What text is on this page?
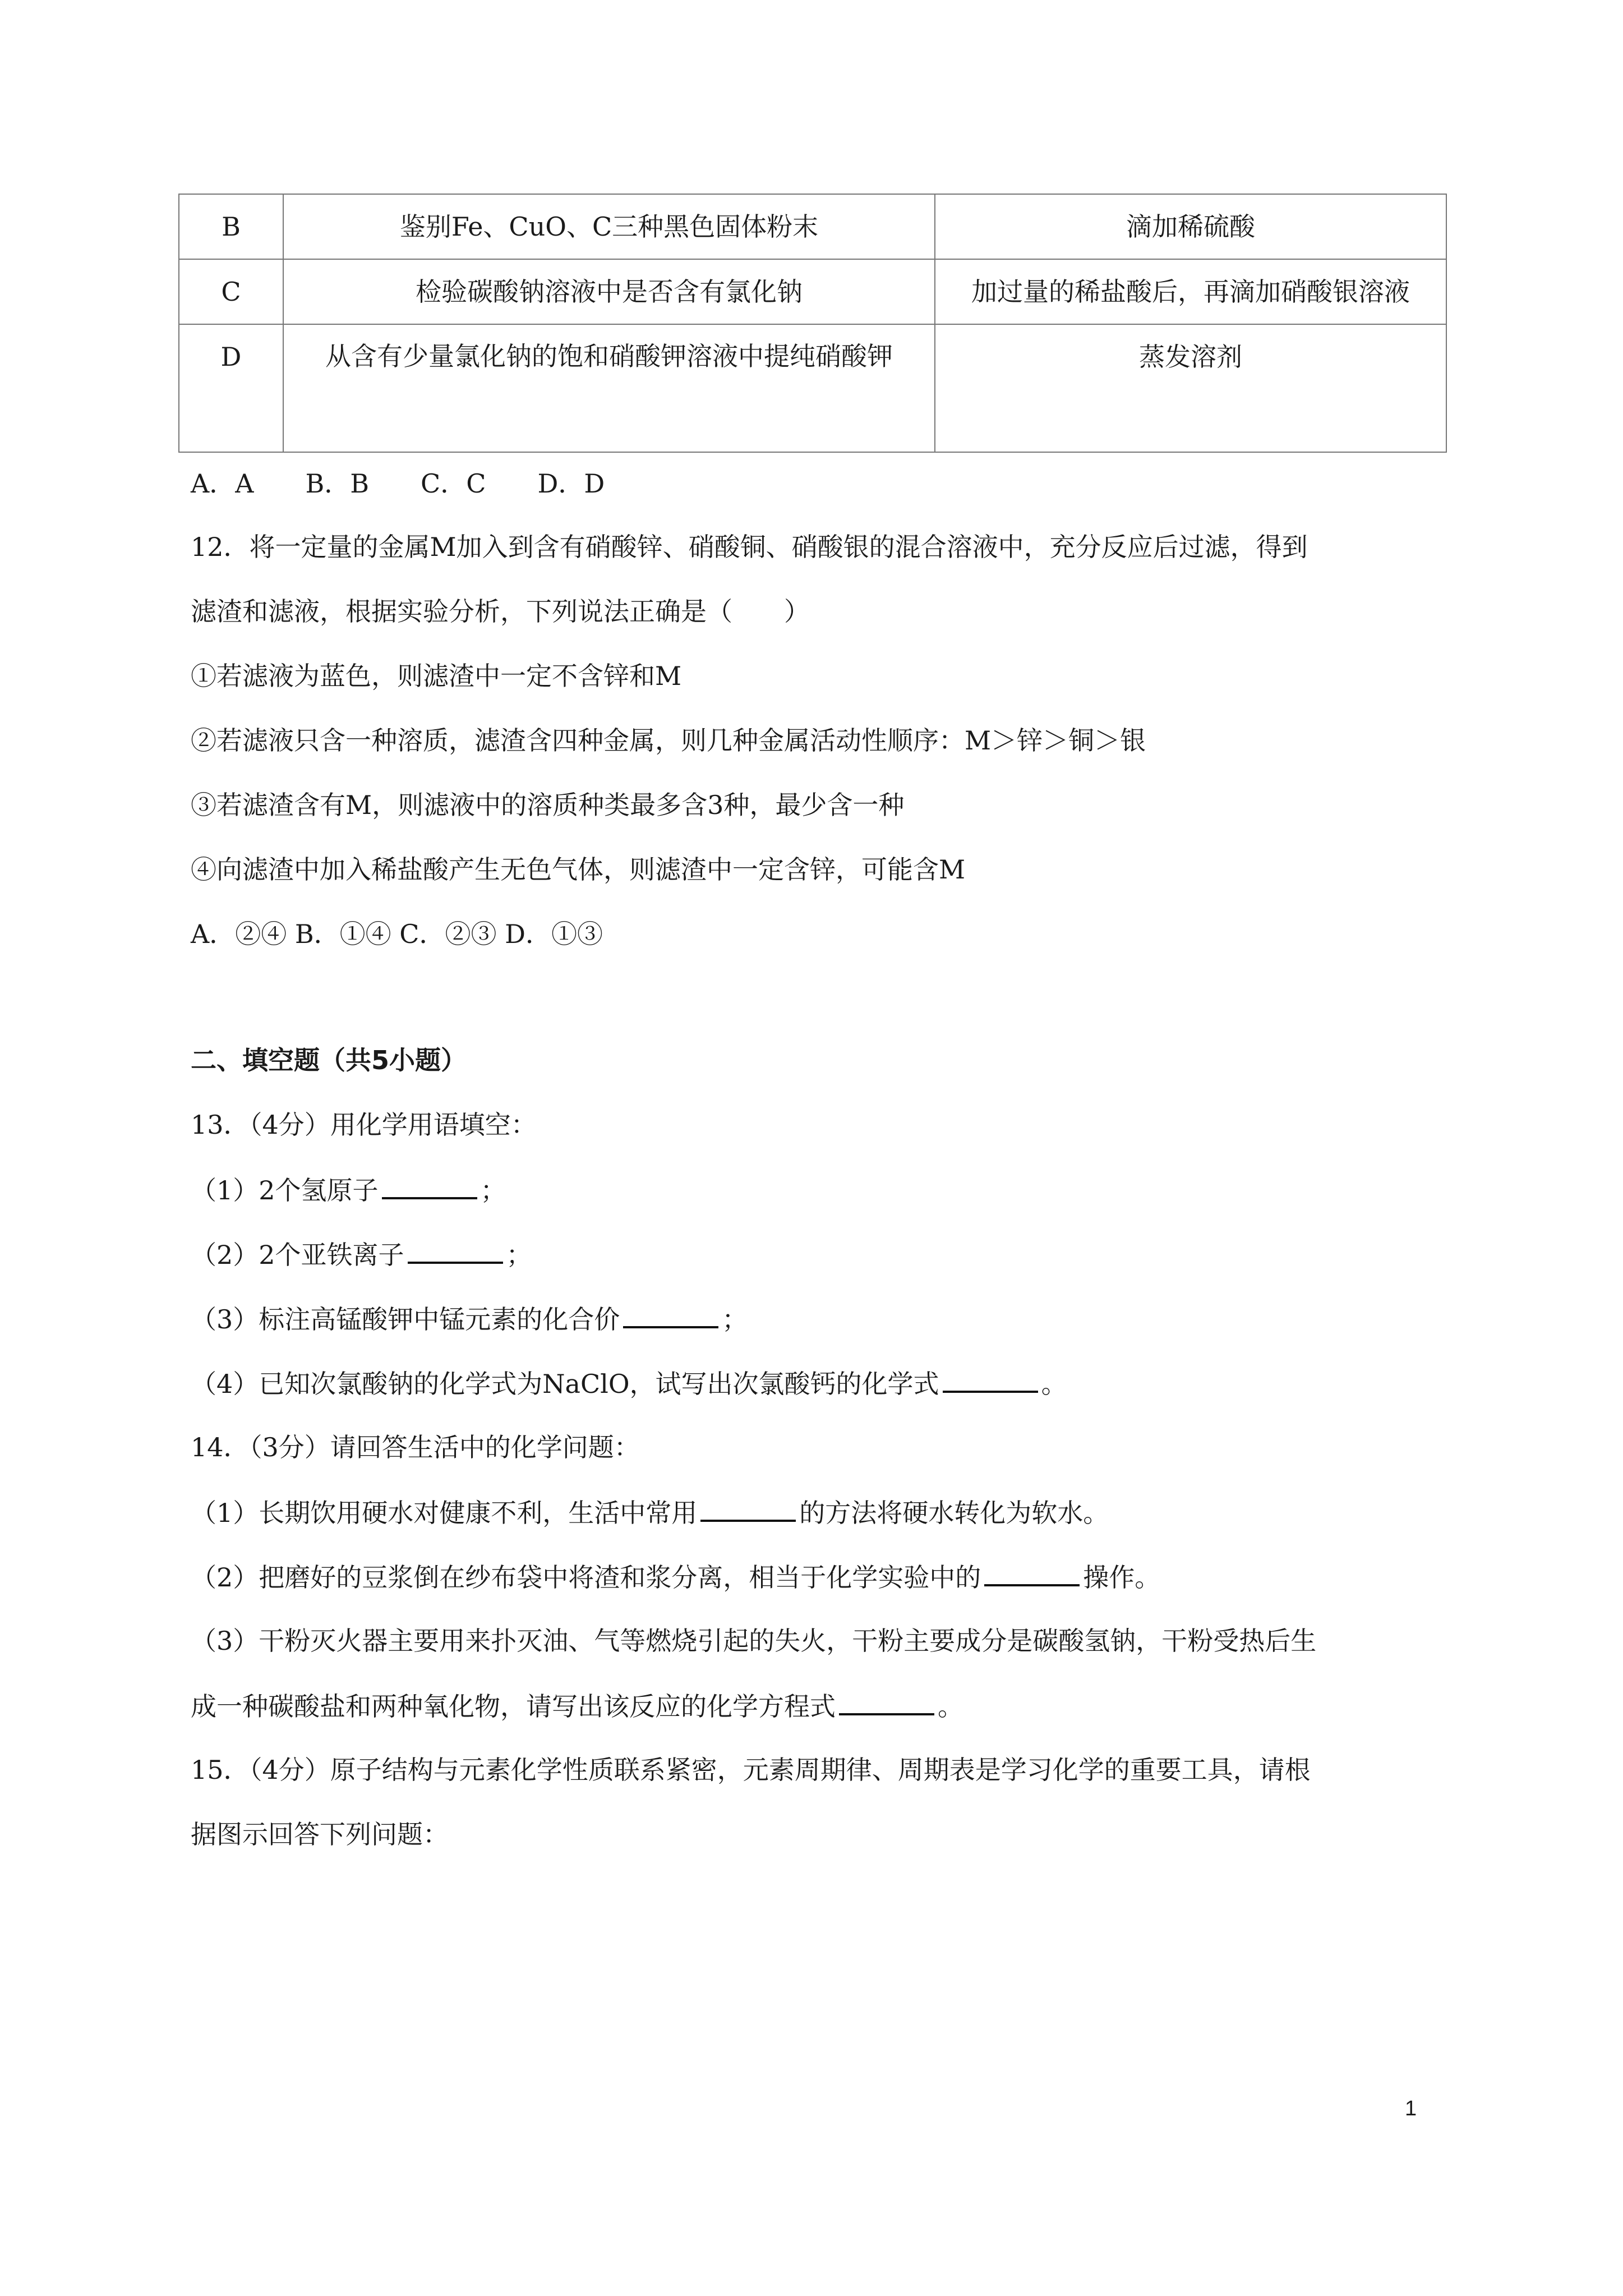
B	鉴别Fe、CuO、C三种黑色固体粉末	滴加稀硫酸
C	检验碳酸钠溶液中是否含有氯化钠	加过量的稀盐酸后，再滴加硝酸银溶液
D	从含有少量氯化钠的饱和硝酸钾溶液中提纯硝酸钾	蒸发溶剂
A．A　　B．B　　C．C　　D．D
12．将一定量的金属M加入到含有硝酸锌、硝酸铜、硝酸银的混合溶液中，充分反应后过滤，得到
滤渣和滤液，根据实验分析，下列说法正确是（　　）
①若滤液为蓝色，则滤渣中一定不含锌和M
②若滤液只含一种溶质，滤渣含四种金属，则几种金属活动性顺序：M＞锌＞铜＞银
③若滤渣含有M，则滤液中的溶质种类最多含3种，最少含一种
④向滤渣中加入稀盐酸产生无色气体，则滤渣中一定含锌，可能含M
A．②④ B．①④ C．②③ D．①③
二、填空题（共5小题）
13．（4分）用化学用语填空：
（1）2个氢原子	；
（2）2个亚铁离子	；
（3）标注高锰酸钾中锰元素的化合价	；
（4）已知次氯酸钠的化学式为NaClO，试写出次氯酸钙的化学式	。
14．（3分）请回答生活中的化学问题：
（1）长期饮用硬水对健康不利，生活中常用	的方法将硬水转化为软水。
（2）把磨好的豆浆倒在纱布袋中将渣和浆分离，相当于化学实验中的	操作。
（3）干粉灭火器主要用来扑灭油、气等燃烧引起的失火，干粉主要成分是碳酸氢钠，干粉受热后生
成一种碳酸盐和两种氧化物，请写出该反应的化学方程式	。
15．（4分）原子结构与元素化学性质联系紧密，元素周期律、周期表是学习化学的重要工具，请根
据图示回答下列问题：
1
